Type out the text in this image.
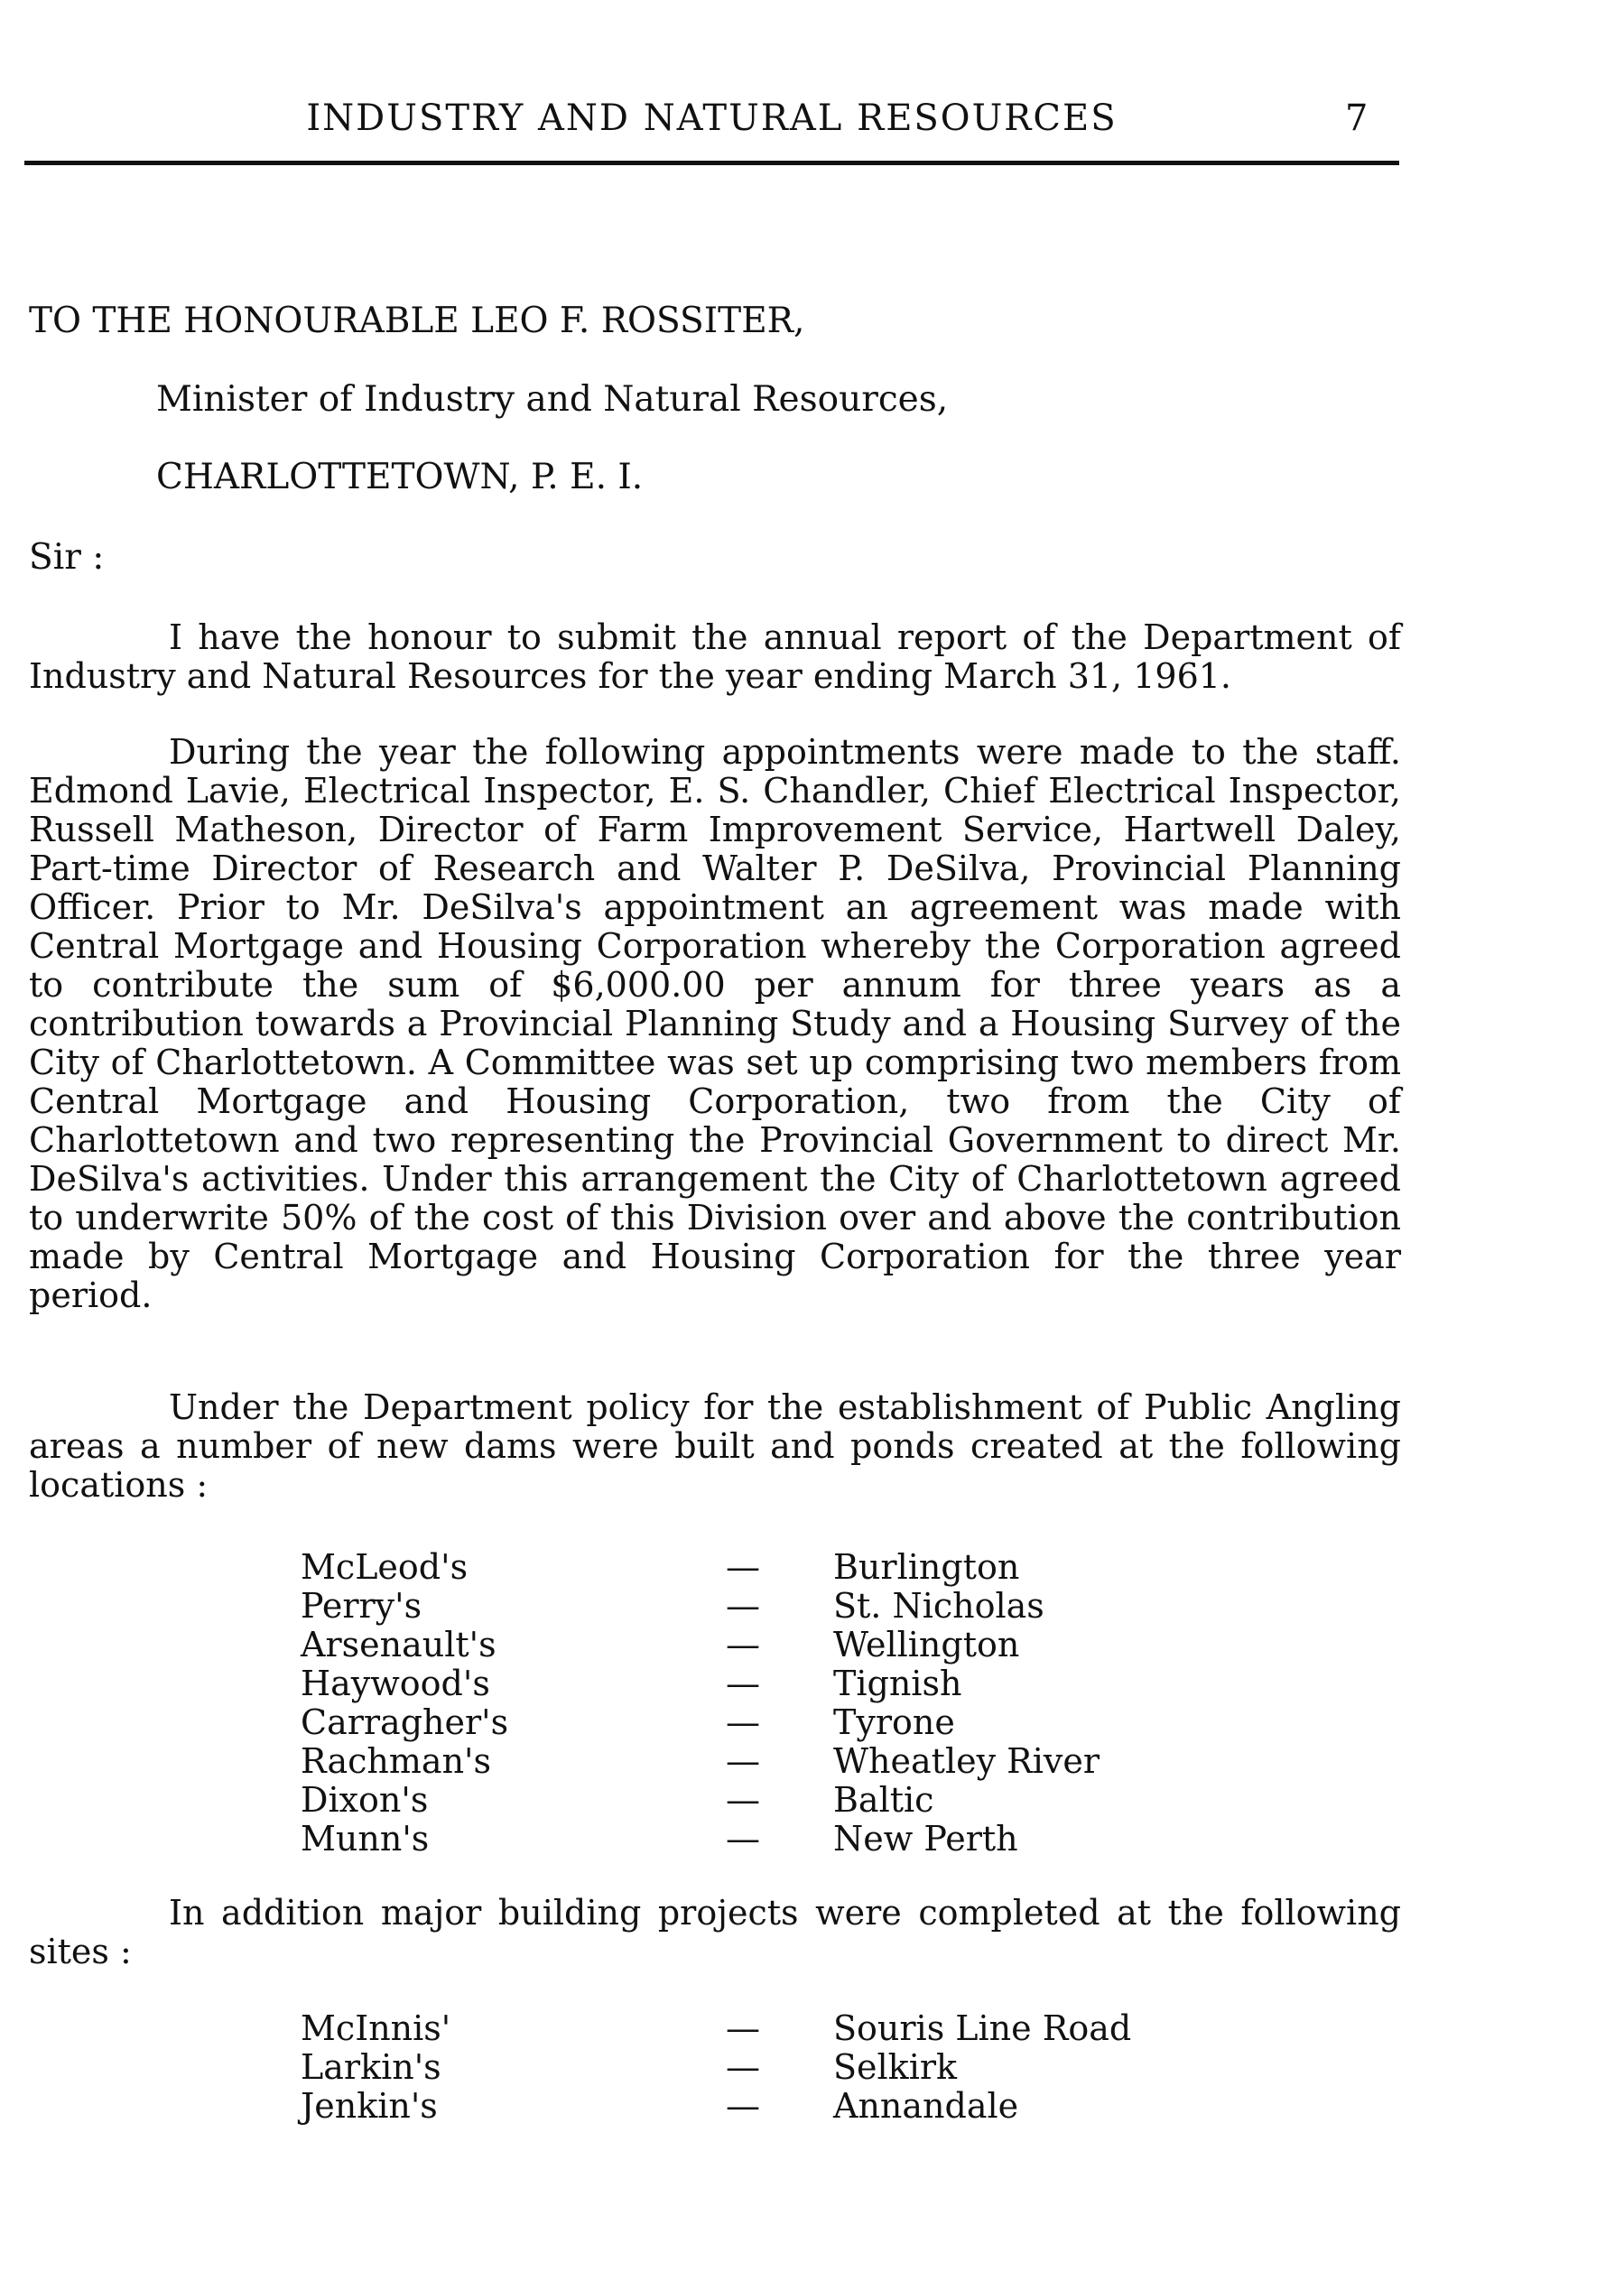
INDUSTRY AND NATURAL RESOURCES	7
TO THE HONOURABLE LEO F. ROSSITER,
Minister of Industry and Natural Resources,
CHARLOTTETOWN, P. E. I.
Sir :

I have the honour to submit the annual report of the Department of Industry and Natural Resources for the year ending March 31, 1961.

During the year the following appointments were made to the staff. Edmond Lavie, Electrical Inspector, E. S. Chandler, Chief Electrical Inspector, Russell Matheson, Director of Farm Improvement Service, Hartwell Daley, Part-time Director of Research and Walter P. DeSilva, Provincial Planning Officer. Prior to Mr. DeSilva's appointment an agreement was made with Central Mortgage and Housing Corporation whereby the Corporation agreed to contribute the sum of $6,000.00 per annum for three years as a contribution towards a Provincial Planning Study and a Housing Survey of the City of Charlottetown. A Committee was set up comprising two members from Central Mortgage and Housing Corporation, two from the City of Charlottetown and two representing the Provincial Government to direct Mr. DeSilva's activities. Under this arrangement the City of Charlottetown agreed to underwrite 50% of the cost of this Division over and above the contribution made by Central Mortgage and Housing Corporation for the three year period.

Under the Department policy for the establishment of Public Angling areas a number of new dams were built and ponds created at the following locations :

McLeod's	—	Burlington
Perry's	—	St. Nicholas
Arsenault's	—	Wellington
Haywood's	—	Tignish
Carragher's	—	Tyrone
Rachman's	—	Wheatley River
Dixon's	—	Baltic
Munn's	—	New Perth

In addition major building projects were completed at the following sites :

McInnis'	—	Souris Line Road
Larkin's	—	Selkirk
Jenkin's	—	Annandale
